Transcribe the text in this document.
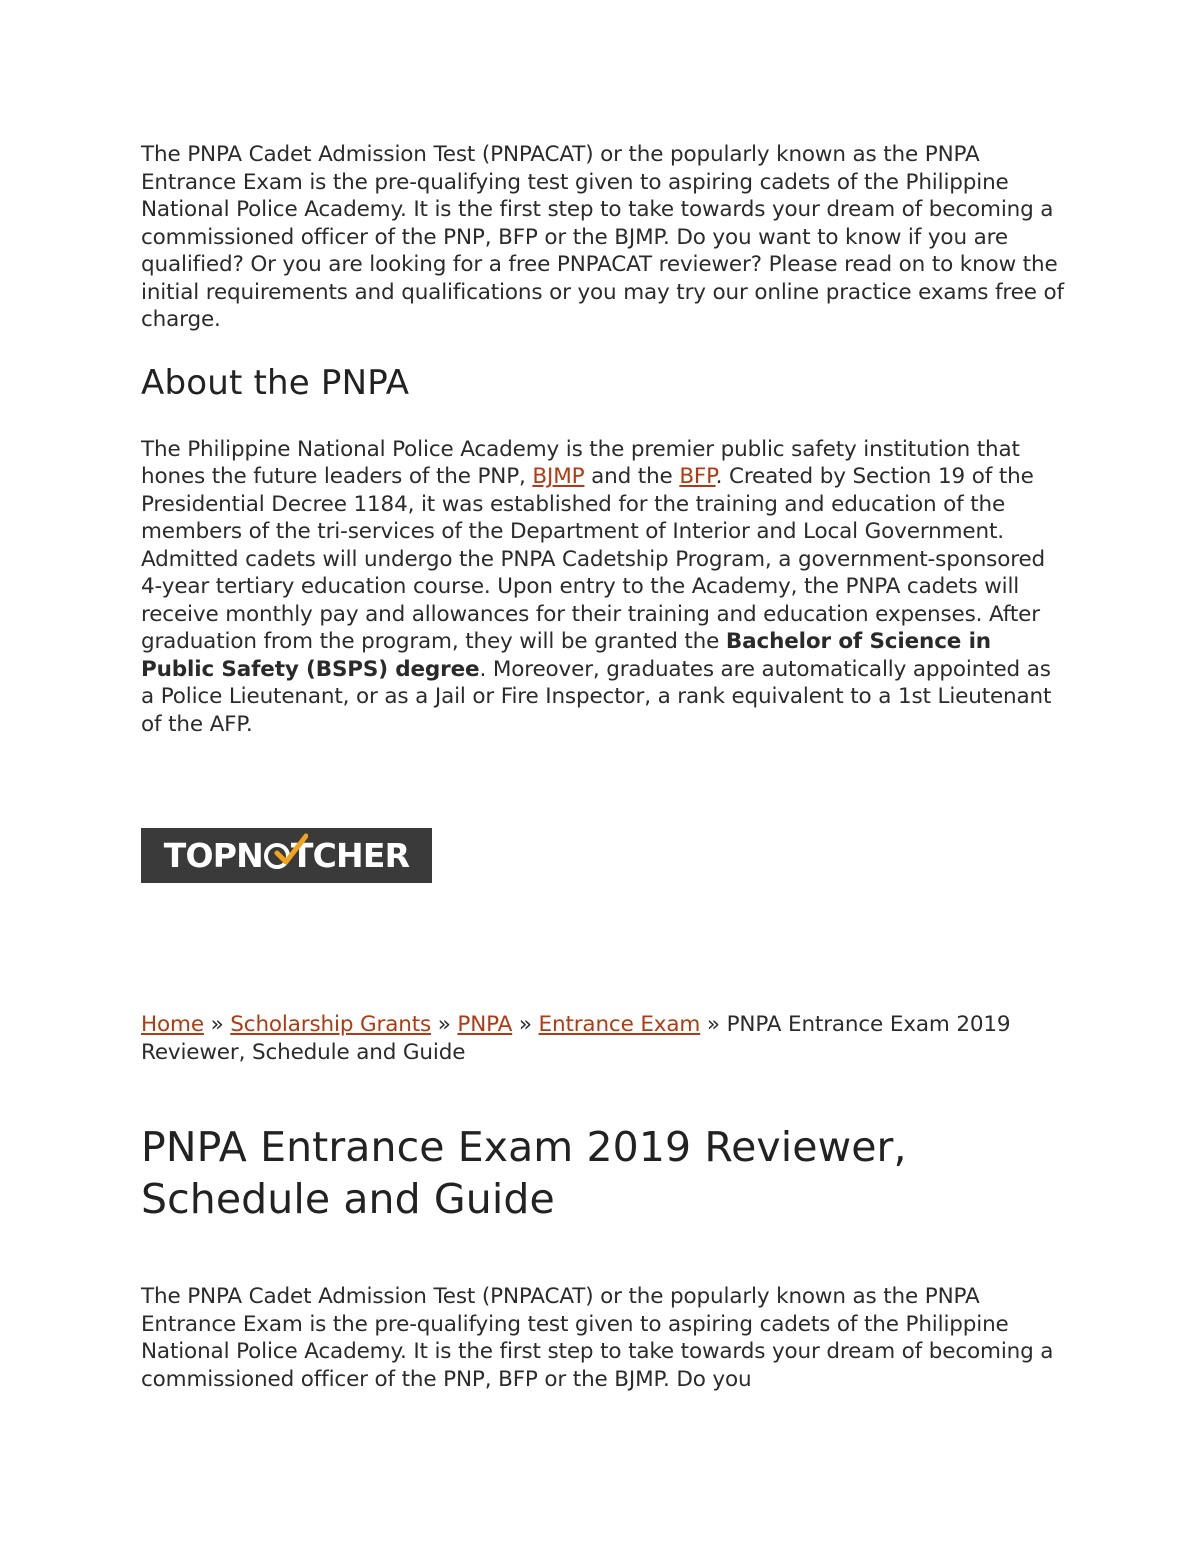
The PNPA Cadet Admission Test (PNPACAT) or the popularly known as the PNPA Entrance Exam is the pre-qualifying test given to aspiring cadets of the Philippine National Police Academy. It is the first step to take towards your dream of becoming a commissioned officer of the PNP, BFP or the BJMP. Do you want to know if you are qualified? Or you are looking for a free PNPACAT reviewer? Please read on to know the initial requirements and qualifications or you may try our online practice exams free of charge.

About the PNPA

The Philippine National Police Academy is the premier public safety institution that hones the future leaders of the PNP, BJMP and the BFP. Created by Section 19 of the Presidential Decree 1184, it was established for the training and education of the members of the tri-services of the Department of Interior and Local Government.

Admitted cadets will undergo the PNPA Cadetship Program, a government-sponsored 4-year tertiary education course. Upon entry to the Academy, the PNPA cadets will receive monthly pay and allowances for their training and education expenses. After graduation from the program, they will be granted the Bachelor of Science in Public Safety (BSPS) degree. Moreover, graduates are automatically appointed as a Police Lieutenant, or as a Jail or Fire Inspector, a rank equivalent to a 1st Lieutenant of the AFP.

TOPN TCHER

Home » Scholarship Grants » PNPA » Entrance Exam » PNPA Entrance Exam 2019 Reviewer, Schedule and Guide

PNPA Entrance Exam 2019 Reviewer, Schedule and Guide

The PNPA Cadet Admission Test (PNPACAT) or the popularly known as the PNPA Entrance Exam is the pre-qualifying test given to aspiring cadets of the Philippine National Police Academy. It is the first step to take towards your dream of becoming a commissioned officer of the PNP, BFP or the BJMP. Do you
